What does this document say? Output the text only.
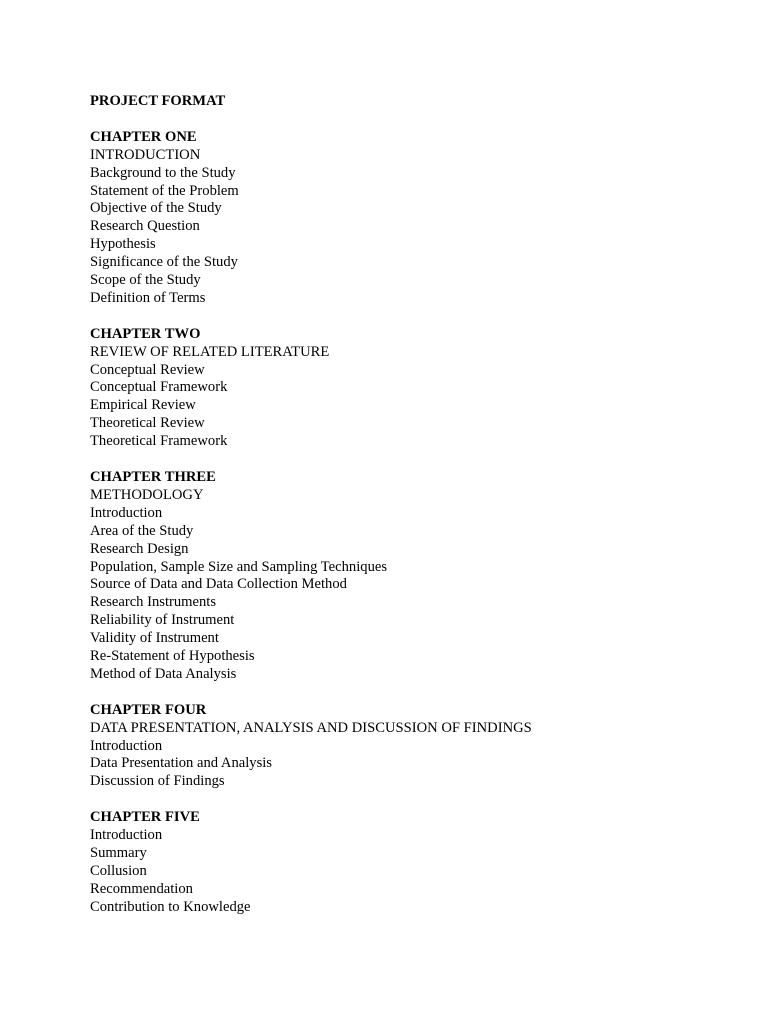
PROJECT FORMAT
CHAPTER ONE
INTRODUCTION
Background to the Study
Statement of the Problem
Objective of the Study
Research Question
Hypothesis
Significance of the Study
Scope of the Study
Definition of Terms
CHAPTER TWO
REVIEW OF RELATED LITERATURE
Conceptual Review
Conceptual Framework
Empirical Review
Theoretical Review
Theoretical Framework
CHAPTER THREE
METHODOLOGY
Introduction
Area of the Study
Research Design
Population, Sample Size and Sampling Techniques
Source of Data and Data Collection Method
Research Instruments
Reliability of Instrument
Validity of Instrument
Re-Statement of Hypothesis
Method of Data Analysis
CHAPTER FOUR
DATA PRESENTATION, ANALYSIS AND DISCUSSION OF FINDINGS
Introduction
Data Presentation and Analysis
Discussion of Findings
CHAPTER FIVE
Introduction
Summary
Collusion
Recommendation
Contribution to Knowledge
